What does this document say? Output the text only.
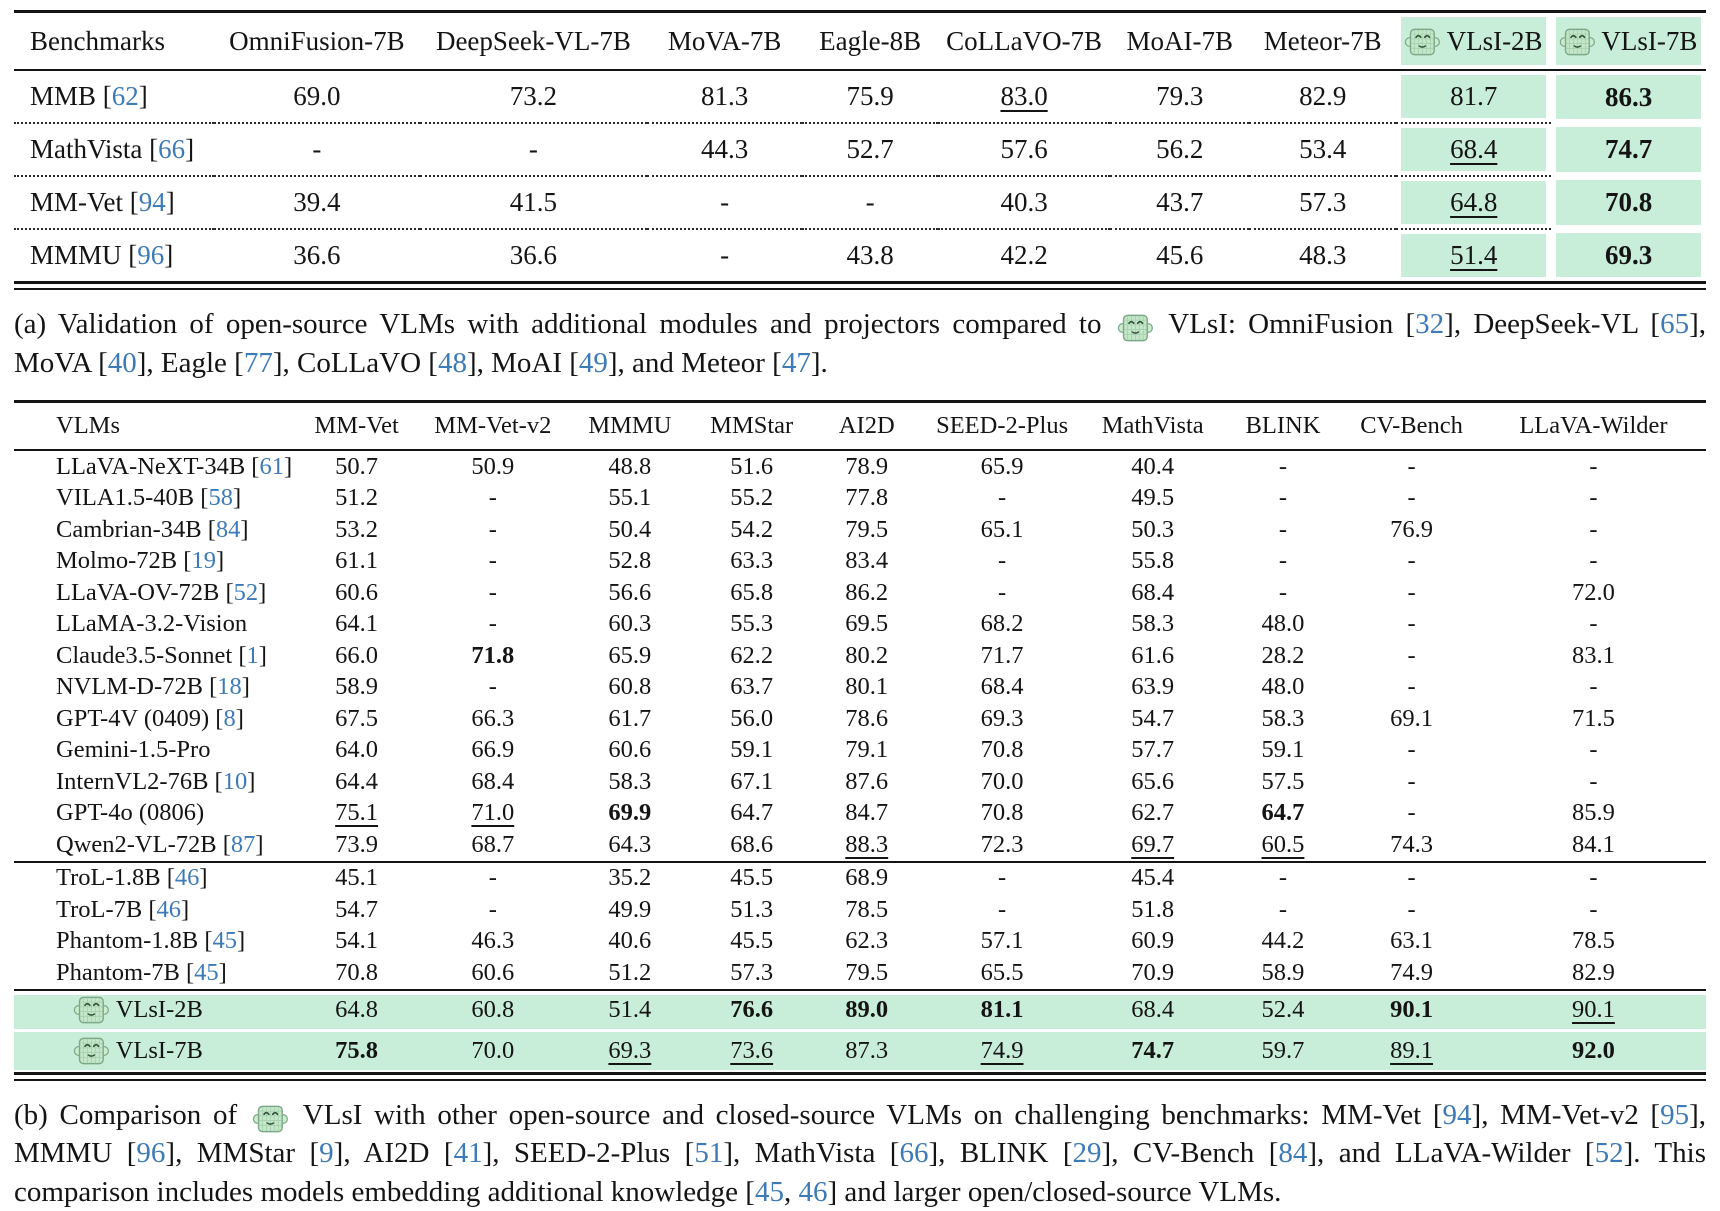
Benchmarks	OmniFusion-7B	DeepSeek-VL-7B	MoVA-7B	Eagle-8B	CoLLaVO-7B	MoAI-7B	Meteor-7B	VLsI-2B	VLsI-7B
MMB [62]	69.0	73.2	81.3	75.9	83.0	79.3	82.9	81.7	86.3
MathVista [66]	-	-	44.3	52.7	57.6	56.2	53.4	68.4	74.7
MM-Vet [94]	39.4	41.5	-	-	40.3	43.7	57.3	64.8	70.8
MMMU [96]	36.6	36.6	-	43.8	42.2	45.6	48.3	51.4	69.3
(a) Validation of open-source VLMs with additional modules and projectors compared to  VLsI: OmniFusion [32], DeepSeek-VL [65], MoVA [40], Eagle [77], CoLLaVO [48], MoAI [49], and Meteor [47].
VLMs	MM-Vet	MM-Vet-v2	MMMU	MMStar	AI2D	SEED-2-Plus	MathVista	BLINK	CV-Bench	LLaVA-Wilder
LLaVA-NeXT-34B [61]	50.7	50.9	48.8	51.6	78.9	65.9	40.4	-	-	-
VILA1.5-40B [58]	51.2	-	55.1	55.2	77.8	-	49.5	-	-	-
Cambrian-34B [84]	53.2	-	50.4	54.2	79.5	65.1	50.3	-	76.9	-
Molmo-72B [19]	61.1	-	52.8	63.3	83.4	-	55.8	-	-	-
LLaVA-OV-72B [52]	60.6	-	56.6	65.8	86.2	-	68.4	-	-	72.0
LLaMA-3.2-Vision	64.1	-	60.3	55.3	69.5	68.2	58.3	48.0	-	-
Claude3.5-Sonnet [1]	66.0	71.8	65.9	62.2	80.2	71.7	61.6	28.2	-	83.1
NVLM-D-72B [18]	58.9	-	60.8	63.7	80.1	68.4	63.9	48.0	-	-
GPT-4V (0409) [8]	67.5	66.3	61.7	56.0	78.6	69.3	54.7	58.3	69.1	71.5
Gemini-1.5-Pro	64.0	66.9	60.6	59.1	79.1	70.8	57.7	59.1	-	-
InternVL2-76B [10]	64.4	68.4	58.3	67.1	87.6	70.0	65.6	57.5	-	-
GPT-4o (0806)	75.1	71.0	69.9	64.7	84.7	70.8	62.7	64.7	-	85.9
Qwen2-VL-72B [87]	73.9	68.7	64.3	68.6	88.3	72.3	69.7	60.5	74.3	84.1
TroL-1.8B [46]	45.1	-	35.2	45.5	68.9	-	45.4	-	-	-
TroL-7B [46]	54.7	-	49.9	51.3	78.5	-	51.8	-	-	-
Phantom-1.8B [45]	54.1	46.3	40.6	45.5	62.3	57.1	60.9	44.2	63.1	78.5
Phantom-7B [45]	70.8	60.6	51.2	57.3	79.5	65.5	70.9	58.9	74.9	82.9
VLsI-2B	64.8	60.8	51.4	76.6	89.0	81.1	68.4	52.4	90.1	90.1
VLsI-7B	75.8	70.0	69.3	73.6	87.3	74.9	74.7	59.7	89.1	92.0
(b) Comparison of  VLsI with other open-source and closed-source VLMs on challenging benchmarks: MM-Vet [94], MM-Vet-v2 [95], MMMU [96], MMStar [9], AI2D [41], SEED-2-Plus [51], MathVista [66], BLINK [29], CV-Bench [84], and LLaVA-Wilder [52]. This comparison includes models embedding additional knowledge [45, 46] and larger open/closed-source VLMs.
